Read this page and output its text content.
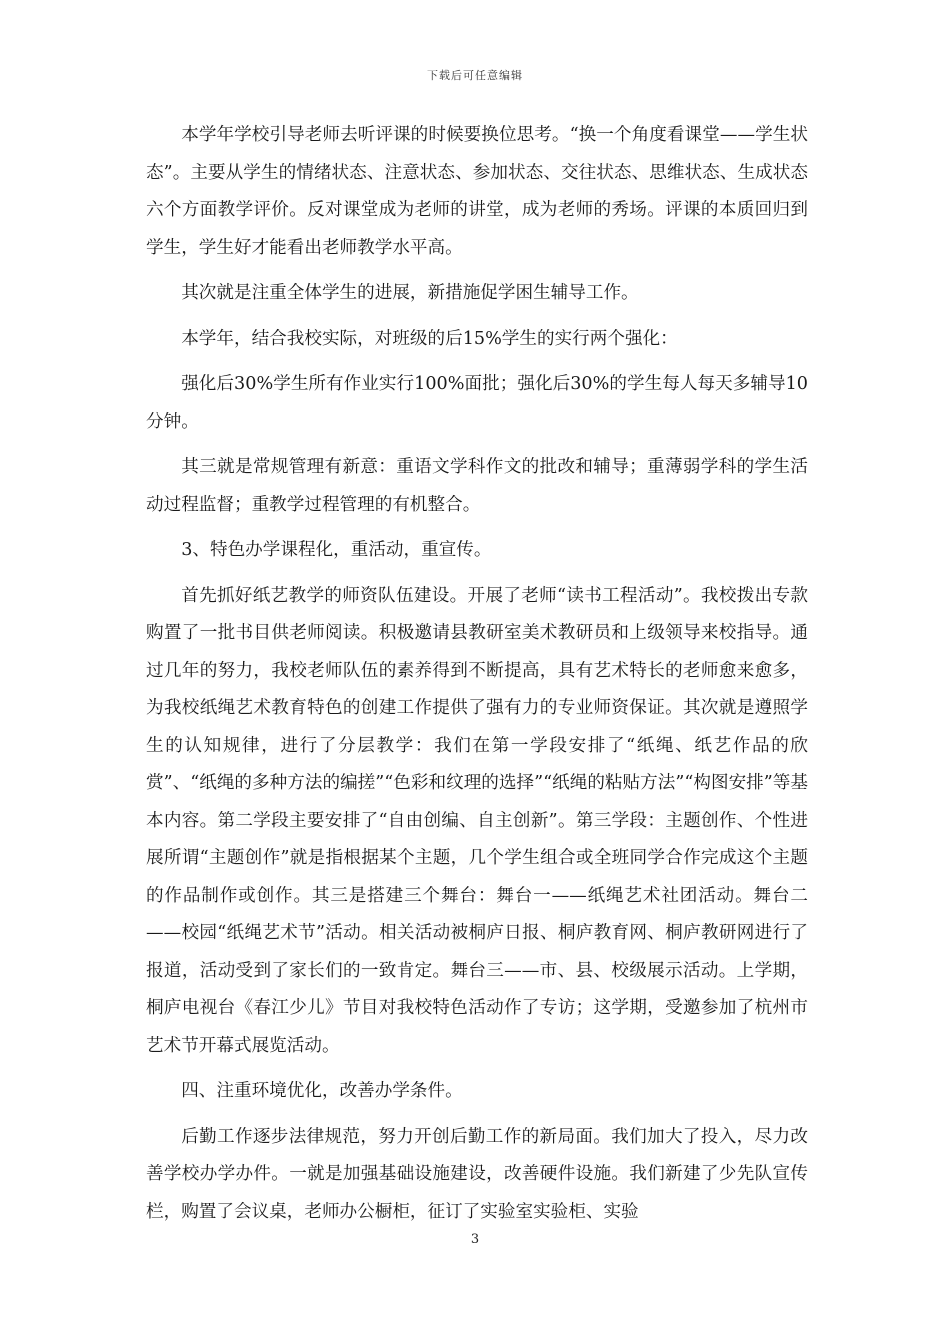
下载后可任意编辑

本学年学校引导老师去听评课的时候要换位思考。“换一个角度看课堂——学生状态”。主要从学生的情绪状态、注意状态、参加状态、交往状态、思维状态、生成状态六个方面教学评价。反对课堂成为老师的讲堂，成为老师的秀场。评课的本质回归到学生，学生好才能看出老师教学水平高。

其次就是注重全体学生的进展，新措施促学困生辅导工作。

本学年，结合我校实际，对班级的后15%学生的实行两个强化：

强化后30%学生所有作业实行100%面批；强化后30%的学生每人每天多辅导10分钟。

其三就是常规管理有新意：重语文学科作文的批改和辅导；重薄弱学科的学生活动过程监督；重教学过程管理的有机整合。

3、特色办学课程化，重活动，重宣传。

首先抓好纸艺教学的师资队伍建设。开展了老师“读书工程活动”。我校拨出专款购置了一批书目供老师阅读。积极邀请县教研室美术教研员和上级领导来校指导。通过几年的努力，我校老师队伍的素养得到不断提高，具有艺术特长的老师愈来愈多，为我校纸绳艺术教育特色的创建工作提供了强有力的专业师资保证。其次就是遵照学生的认知规律，进行了分层教学：我们在第一学段安排了“纸绳、纸艺作品的欣赏”、“纸绳的多种方法的编搓”“色彩和纹理的选择”“纸绳的粘贴方法”“构图安排”等基本内容。第二学段主要安排了“自由创编、自主创新”。第三学段：主题创作、个性进展所谓“主题创作”就是指根据某个主题，几个学生组合或全班同学合作完成这个主题的作品制作或创作。其三是搭建三个舞台：舞台一——纸绳艺术社团活动。舞台二——校园“纸绳艺术节”活动。相关活动被桐庐日报、桐庐教育网、桐庐教研网进行了报道，活动受到了家长们的一致肯定。舞台三——市、县、校级展示活动。上学期，桐庐电视台《春江少儿》节目对我校特色活动作了专访；这学期，受邀参加了杭州市艺术节开幕式展览活动。

四、注重环境优化，改善办学条件。

后勤工作逐步法律规范，努力开创后勤工作的新局面。我们加大了投入，尽力改善学校办学办件。一就是加强基础设施建设，改善硬件设施。我们新建了少先队宣传栏，购置了会议桌，老师办公橱柜，征订了实验室实验柜、实验

3
